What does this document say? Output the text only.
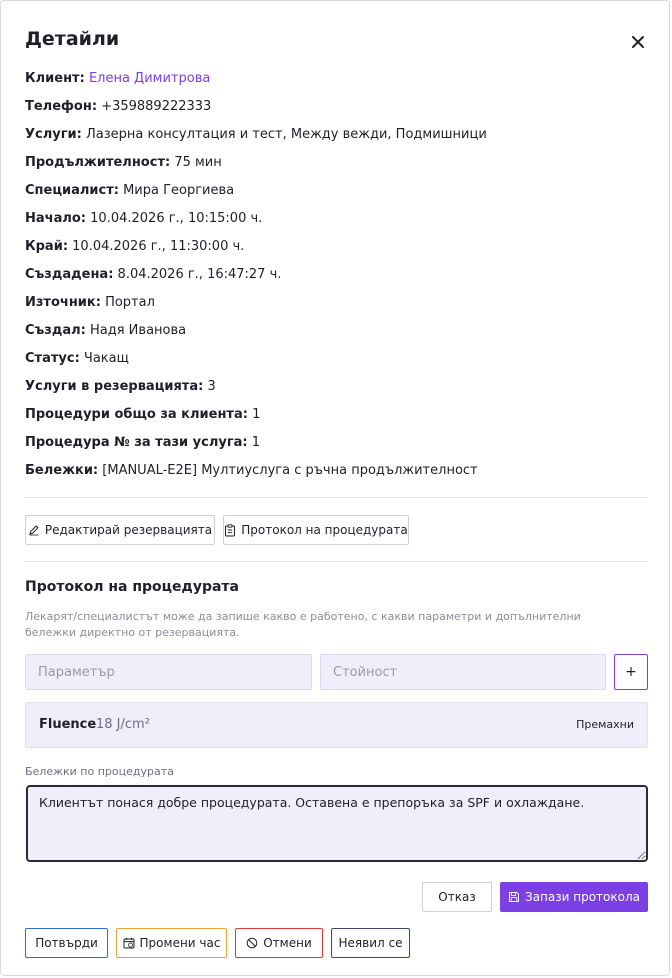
Детайли
Клиент: Елена Димитрова
Телефон: +359889222333
Услуги: Лазерна консултация и тест, Между вежди, Подмишници
Продължителност: 75 мин
Специалист: Мира Георгиева
Начало: 10.04.2026 г., 10:15:00 ч.
Край: 10.04.2026 г., 11:30:00 ч.
Създадена: 8.04.2026 г., 16:47:27 ч.
Източник: Портал
Създал: Надя Иванова
Статус: Чакащ
Услуги в резервацията: 3
Процедури общо за клиента: 1
Процедура № за тази услуга: 1
Бележки: [MANUAL-E2E] Мултиуслуга с ръчна продължителност
Редактирай резервацията Протокол на процедурата
Протокол на процедурата
Лекарят/специалистът може да запише какво е работено, с какви параметри и допълнителни бележки директно от резервацията.
Параметър
Стойност
+
Fluence 18 J/cm²	Премахни
Бележки по процедурата
Клиентът понася добре процедурата. Оставена е препоръка за SPF и охлаждане.
Отказ	Запази протокола
Потвърди	Промени час	Отмени	Неявил се
